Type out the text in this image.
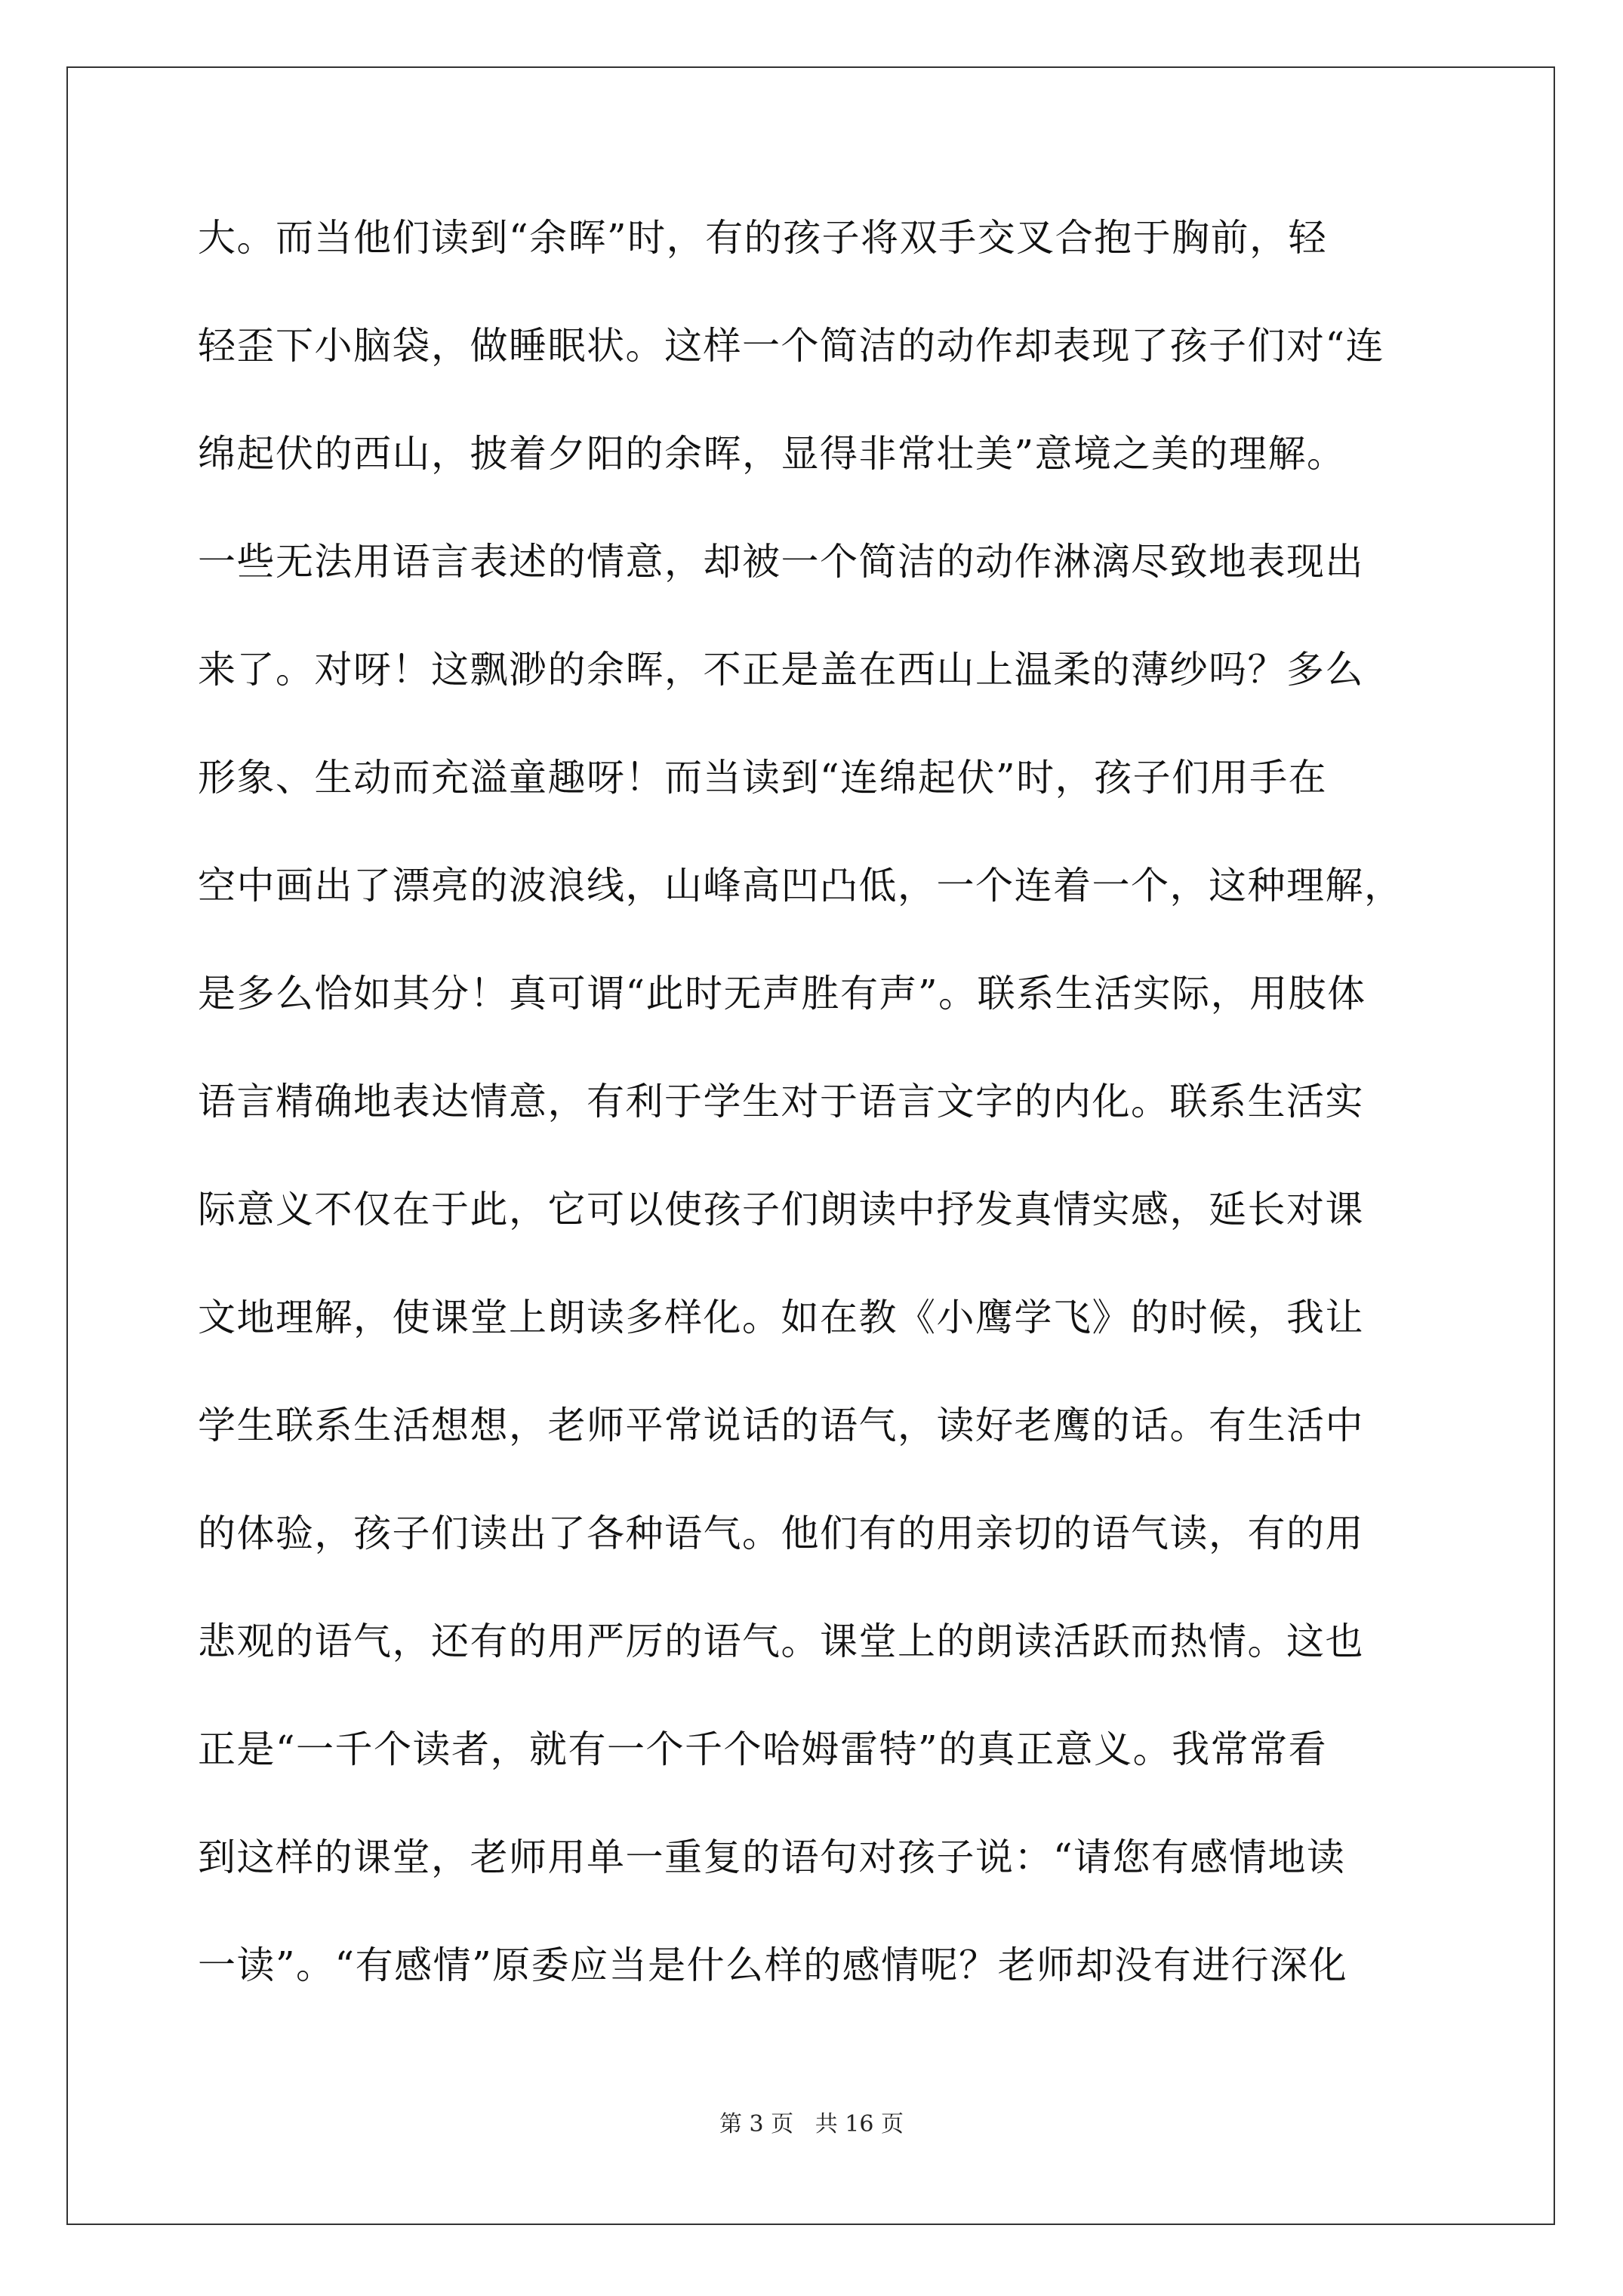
大。而当他们读到“余晖”时，有的孩子将双手交叉合抱于胸前，轻
轻歪下小脑袋，做睡眠状。这样一个简洁的动作却表现了孩子们对“连
绵起伏的西山，披着夕阳的余晖，显得非常壮美”意境之美的理解。
一些无法用语言表述的情意，却被一个简洁的动作淋漓尽致地表现出
来了。对呀！这飘渺的余晖，不正是盖在西山上温柔的薄纱吗？多么
形象、生动而充溢童趣呀！而当读到“连绵起伏”时，孩子们用手在
空中画出了漂亮的波浪线，山峰高凹凸低，一个连着一个，这种理解，
是多么恰如其分！真可谓“此时无声胜有声”。联系生活实际，用肢体
语言精确地表达情意，有利于学生对于语言文字的内化。联系生活实
际意义不仅在于此，它可以使孩子们朗读中抒发真情实感，延长对课
文地理解，使课堂上朗读多样化。如在教《小鹰学飞》的时候，我让
学生联系生活想想，老师平常说话的语气，读好老鹰的话。有生活中
的体验，孩子们读出了各种语气。他们有的用亲切的语气读，有的用
悲观的语气，还有的用严厉的语气。课堂上的朗读活跃而热情。这也
正是“一千个读者，就有一个千个哈姆雷特”的真正意义。我常常看
到这样的课堂，老师用单一重复的语句对孩子说：“请您有感情地读
一读”。“有感情”原委应当是什么样的感情呢？老师却没有进行深化
第 3 页 共 16 页
